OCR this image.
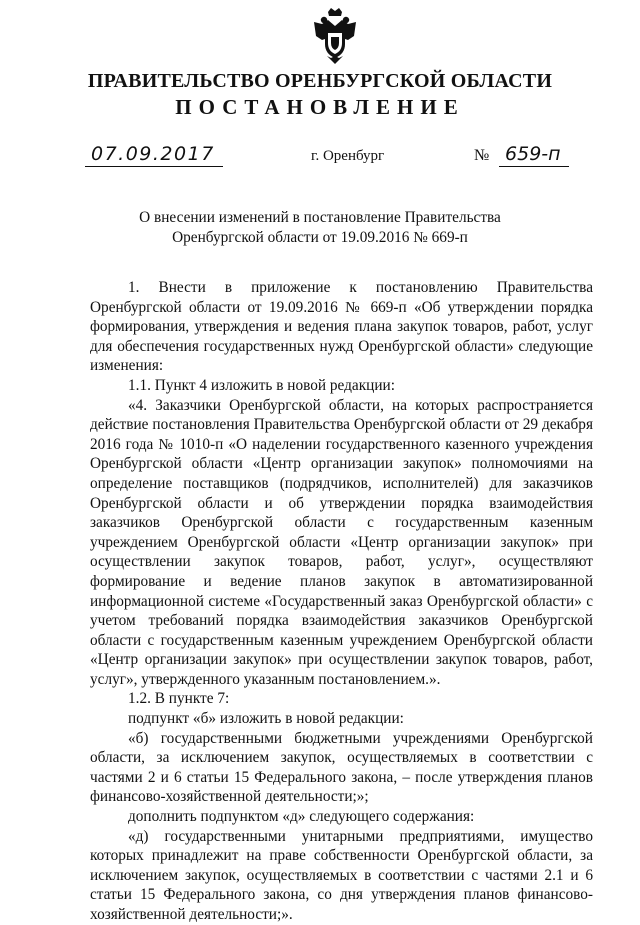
ПРАВИТЕЛЬСТВО ОРЕНБУРГСКОЙ ОБЛАСТИ
ПОСТАНОВЛЕНИЕ
07.09.2017	г. Оренбург	№ 659-п
О внесении изменений в постановление Правительства
Оренбургской области от 19.09.2016 № 669-п

1. Внести в приложение к постановлению Правительства Оренбургской области от 19.09.2016 № 669-п «Об утверждении порядка формирования, утверждения и ведения плана закупок товаров, работ, услуг для обеспечения государственных нужд Оренбургской области» следующие изменения:

1.1. Пункт 4 изложить в новой редакции:

«4. Заказчики Оренбургской области, на которых распространяется действие постановления Правительства Оренбургской области от 29 декабря 2016 года № 1010-п «О наделении государственного казенного учреждения Оренбургской области «Центр организации закупок» полномочиями на определение поставщиков (подрядчиков, исполнителей) для заказчиков Оренбургской области и об утверждении порядка взаимодействия заказчиков Оренбургской области с государственным казенным учреждением Оренбургской области «Центр организации закупок» при осуществлении закупок товаров, работ, услуг», осуществляют формирование и ведение планов закупок в автоматизированной информационной системе «Государственный заказ Оренбургской области» с учетом требований порядка взаимодействия заказчиков Оренбургской области с государственным казенным учреждением Оренбургской области «Центр организации закупок» при осуществлении закупок товаров, работ, услуг», утвержденного указанным постановлением.».

1.2. В пункте 7:

подпункт «б» изложить в новой редакции:

«б) государственными бюджетными учреждениями Оренбургской области, за исключением закупок, осуществляемых в соответствии с частями 2 и 6 статьи 15 Федерального закона, – после утверждения планов финансово-хозяйственной деятельности;»;

дополнить подпунктом «д» следующего содержания:

«д) государственными унитарными предприятиями, имущество которых принадлежит на праве собственности Оренбургской области, за исключением закупок, осуществляемых в соответствии с частями 2.1 и 6 статьи 15 Федерального закона, со дня утверждения планов финансово-хозяйственной деятельности;».
